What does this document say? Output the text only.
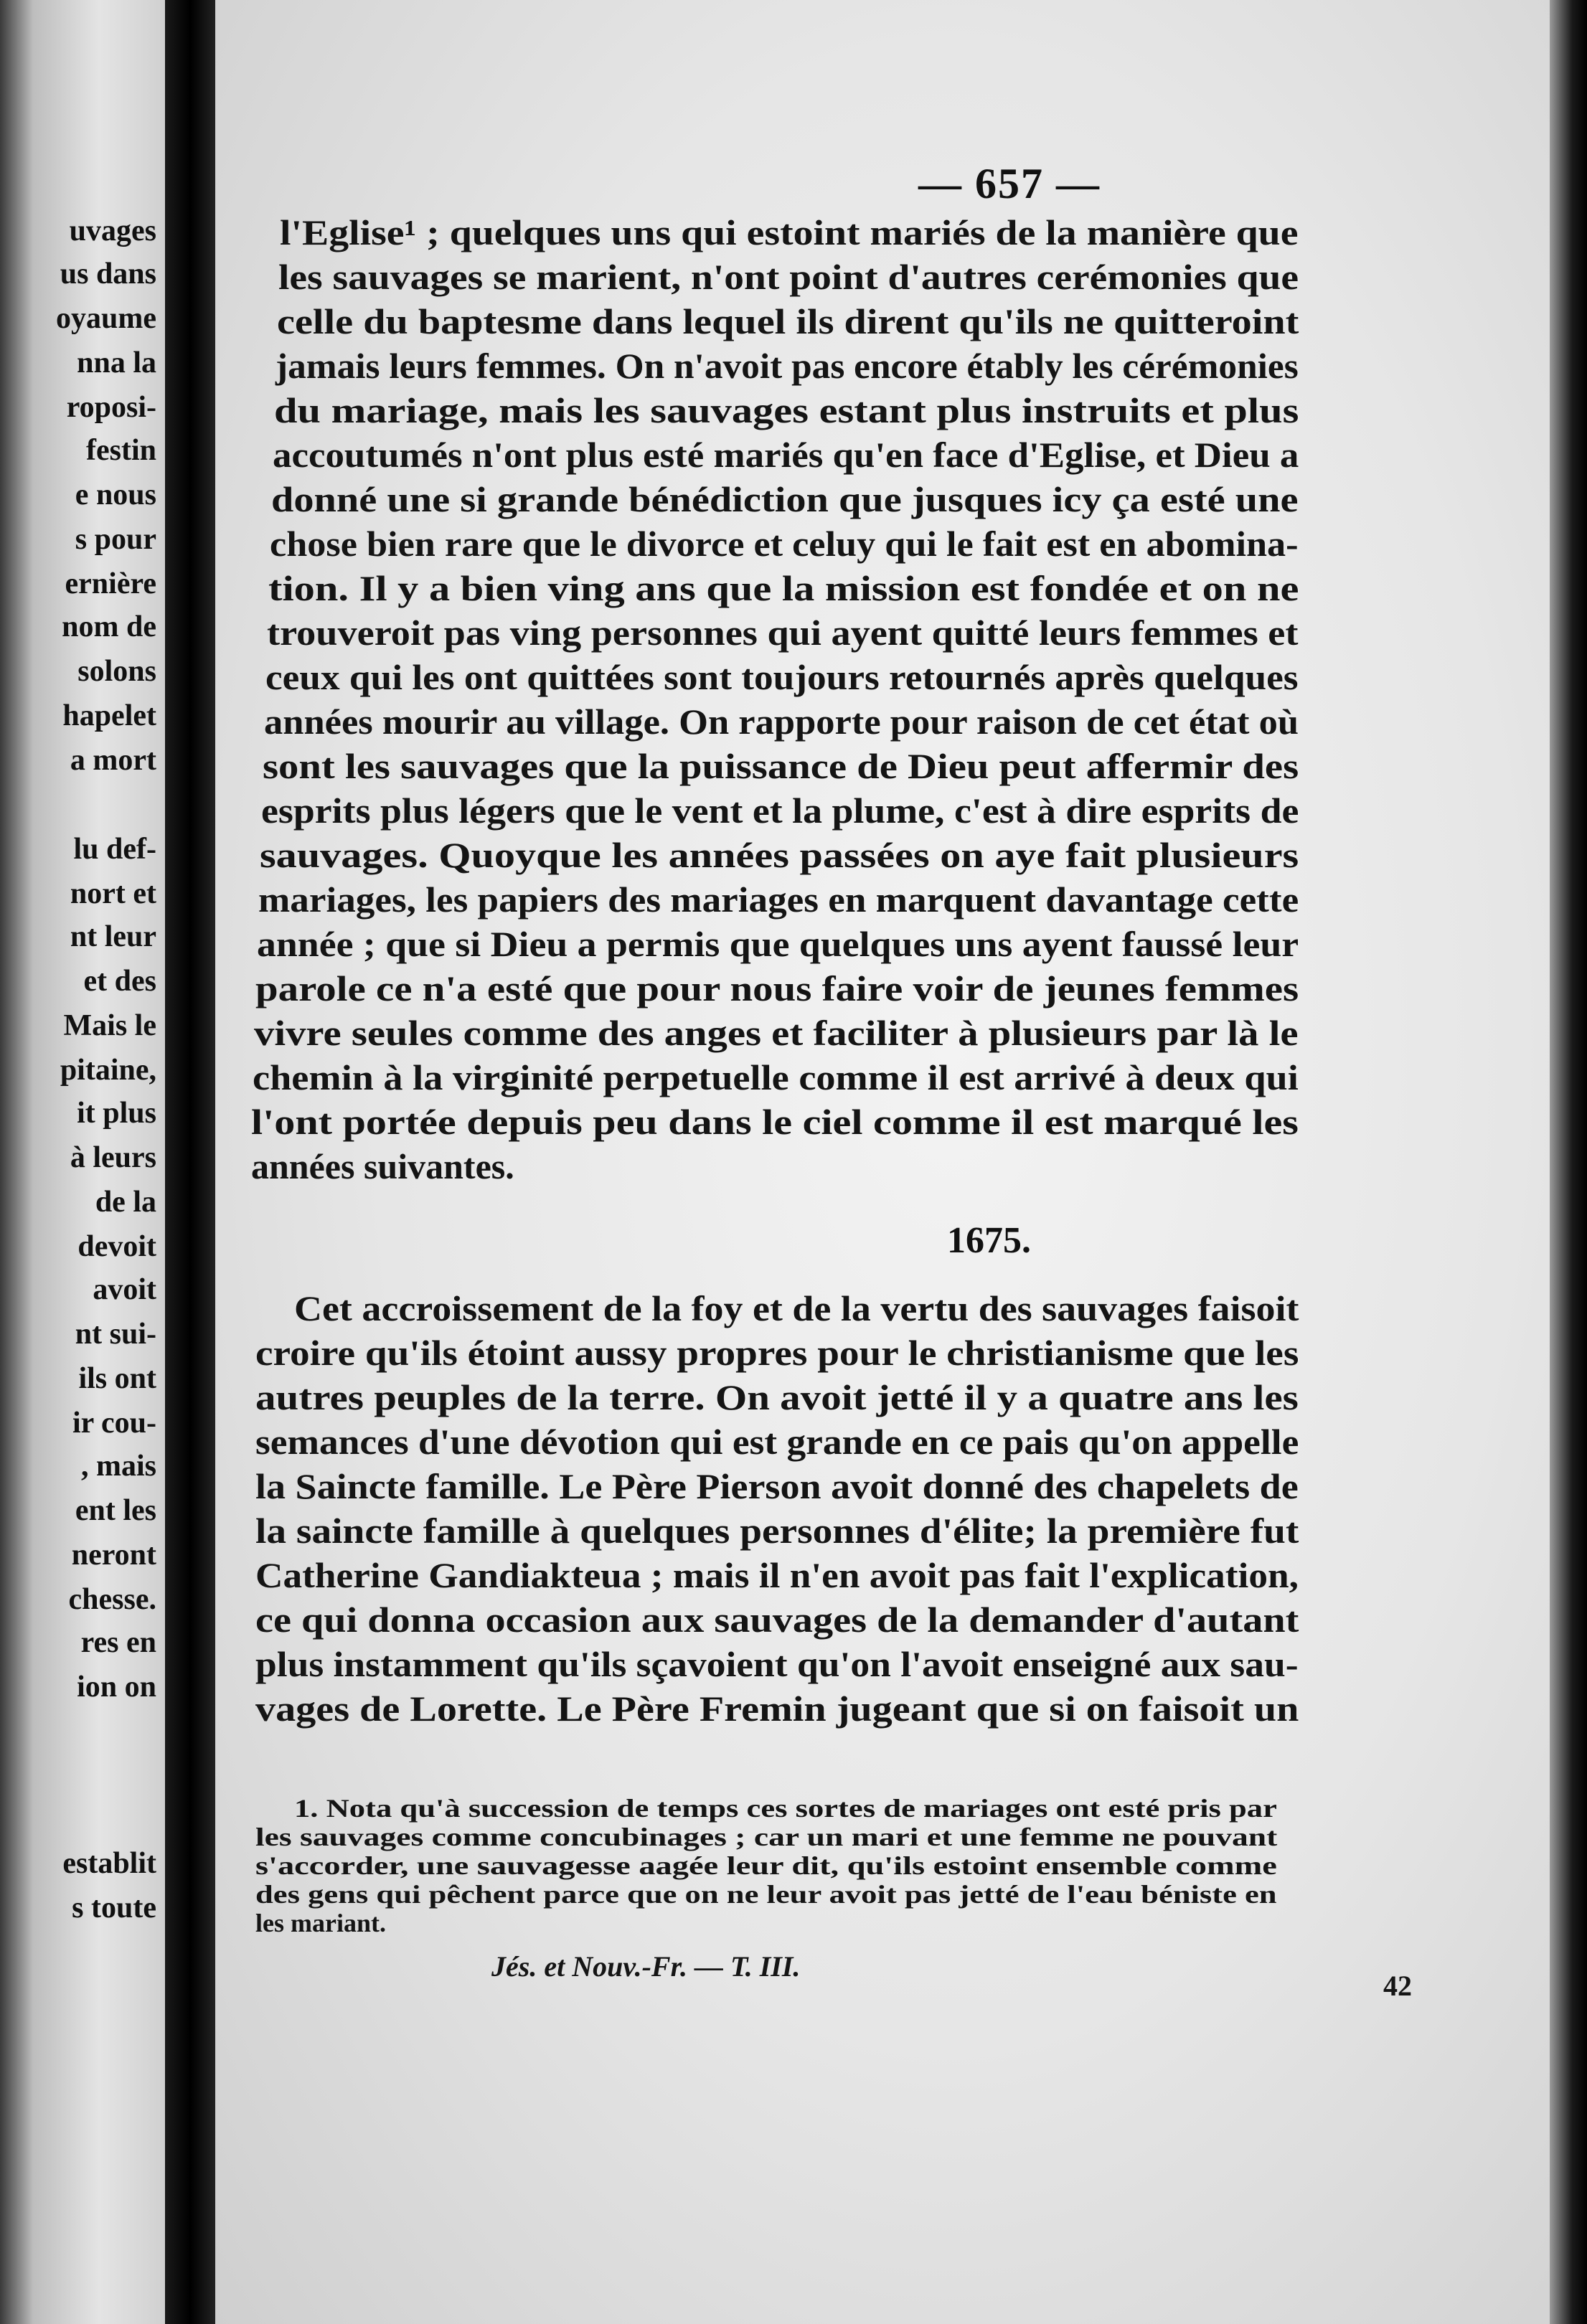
uvages
us dans
oyaume
nna la
roposi-
festin
e nous
s pour
ernière
nom de
solons
hapelet
a mort
lu def-
nort et
nt leur
et des
Mais le
pitaine,
it plus
à leurs
de la
devoit
avoit
nt sui-
ils ont
ir cou-
, mais
ent les
neront
chesse.
res en
ion on
establit
s toute
— 657 —
l'Eglise¹ ; quelques uns qui estoint mariés de la manière que
les sauvages se marient, n'ont point d'autres cerémonies que
celle du baptesme dans lequel ils dirent qu'ils ne quitteroint
jamais leurs femmes. On n'avoit pas encore étably les cérémonies
du mariage, mais les sauvages estant plus instruits et plus
accoutumés n'ont plus esté mariés qu'en face d'Eglise, et Dieu a
donné une si grande bénédiction que jusques icy ça esté une
chose bien rare que le divorce et celuy qui le fait est en abomina-
tion. Il y a bien ving ans que la mission est fondée et on ne
trouveroit pas ving personnes qui ayent quitté leurs femmes et
ceux qui les ont quittées sont toujours retournés après quelques
années mourir au village. On rapporte pour raison de cet état où
sont les sauvages que la puissance de Dieu peut affermir des
esprits plus légers que le vent et la plume, c'est à dire esprits de
sauvages. Quoyque les années passées on aye fait plusieurs
mariages, les papiers des mariages en marquent davantage cette
année ; que si Dieu a permis que quelques uns ayent faussé leur
parole ce n'a esté que pour nous faire voir de jeunes femmes
vivre seules comme des anges et faciliter à plusieurs par là le
chemin à la virginité perpetuelle comme il est arrivé à deux qui
l'ont portée depuis peu dans le ciel comme il est marqué les
années suivantes.
1675.
Cet accroissement de la foy et de la vertu des sauvages faisoit
croire qu'ils étoint aussy propres pour le christianisme que les
autres peuples de la terre. On avoit jetté il y a quatre ans les
semances d'une dévotion qui est grande en ce pais qu'on appelle
la Saincte famille. Le Père Pierson avoit donné des chapelets de
la saincte famille à quelques personnes d'élite; la première fut
Catherine Gandiakteua ; mais il n'en avoit pas fait l'explication,
ce qui donna occasion aux sauvages de la demander d'autant
plus instamment qu'ils sçavoient qu'on l'avoit enseigné aux sau-
vages de Lorette. Le Père Fremin jugeant que si on faisoit un
1. Nota qu'à succession de temps ces sortes de mariages ont esté pris par
les sauvages comme concubinages ; car un mari et une femme ne pouvant
s'accorder, une sauvagesse aagée leur dit, qu'ils estoint ensemble comme
des gens qui pêchent parce que on ne leur avoit pas jetté de l'eau béniste en
les mariant.
Jés. et Nouv.-Fr. — T. III.
42
